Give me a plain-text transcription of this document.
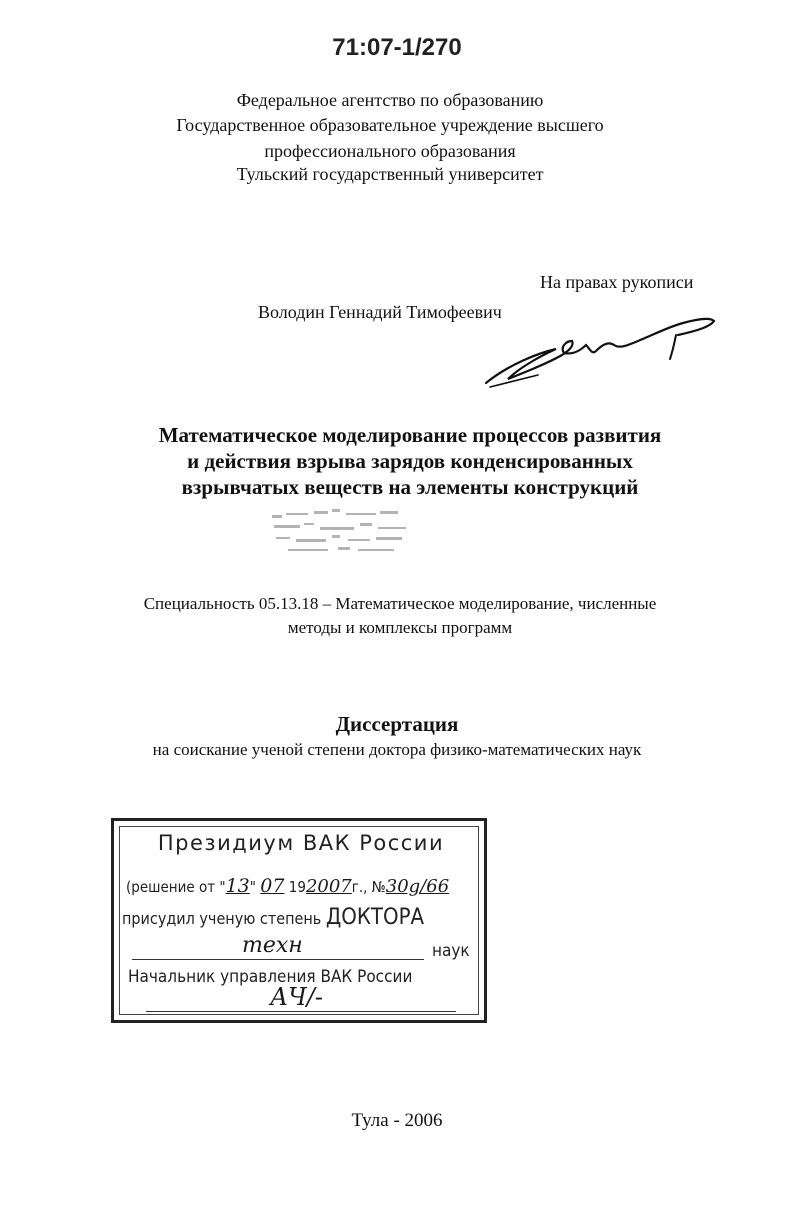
71:07-1/270
Федеральное агентство по образованию
Государственное образовательное учреждение высшего
профессионального образования
Тульский государственный университет
На правах рукописи
Володин Геннадий Тимофеевич
Математическое моделирование процессов развития
и действия взрыва зарядов конденсированных
взрывчатых веществ на элементы конструкций
Специальность 05.13.18 – Математическое моделирование, численные
методы и комплексы программ
Диссертация
на соискание ученой степени доктора физико-математических наук
Президиум ВАК России
(решение от "13" 07 192007г., №30g/66
присудил ученую степень ДОКТОРА
техн	наук
Начальник управления ВАК России
АЧ/-
Тула - 2006
